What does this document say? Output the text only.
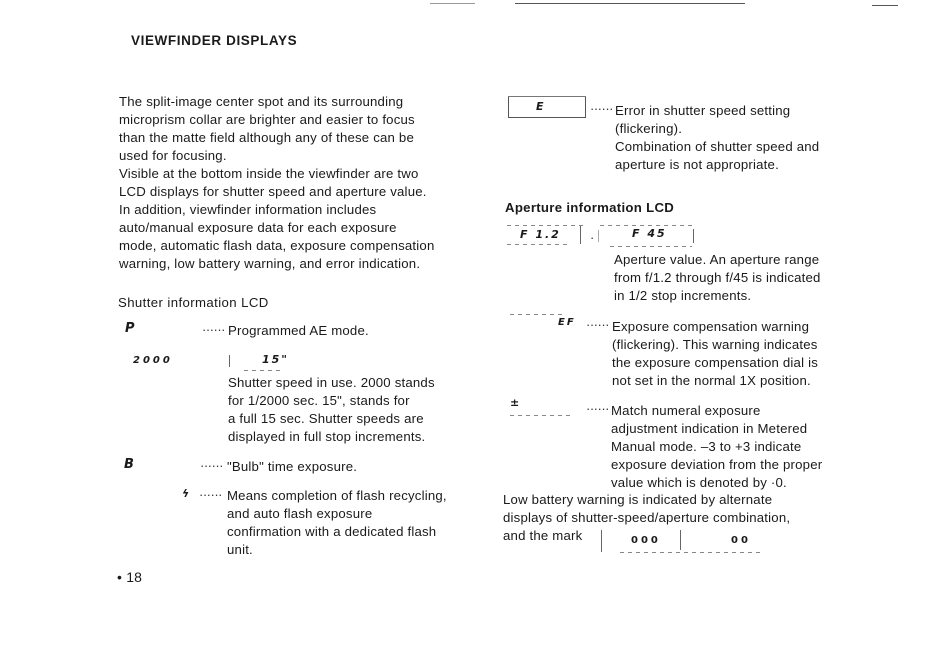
VIEWFINDER DISPLAYS
The split-image center spot and its surrounding
microprism collar are brighter and easier to focus
than the matte field although any of these can be
used for focusing.
Visible at the bottom inside the viewfinder are two
LCD displays for shutter speed and aperture value.
In addition, viewfinder information includes
auto/manual exposure data for each exposure
mode, automatic flash data, exposure compensation
warning, low battery warning, and error indication.
Shutter information LCD
P	······ Programmed AE mode.
2000	15"
Shutter speed in use. 2000 stands
for 1/2000 sec. 15", stands for
a full 15 sec. Shutter speeds are
displayed in full stop increments.
B	······ "Bulb" time exposure.
ϟ ······ Means completion of flash recycling,
and auto flash exposure
confirmation with a dedicated flash
unit.
• 18
E	······ Error in shutter speed setting
(flickering).
Combination of shutter speed and
aperture is not appropriate.
Aperture information LCD
F 1.2 ·	F 45
Aperture value. An aperture range
from f/1.2 through f/45 is indicated
in 1/2 stop increments.
EF ······ Exposure compensation warning
(flickering). This warning indicates
the exposure compensation dial is
not set in the normal 1X position.
±	······ Match numeral exposure
adjustment indication in Metered
Manual mode. –3 to +3 indicate
exposure deviation from the proper
value which is denoted by ·0.
Low battery warning is indicated by alternate
displays of shutter-speed/aperture combination,
and the mark	000	00
